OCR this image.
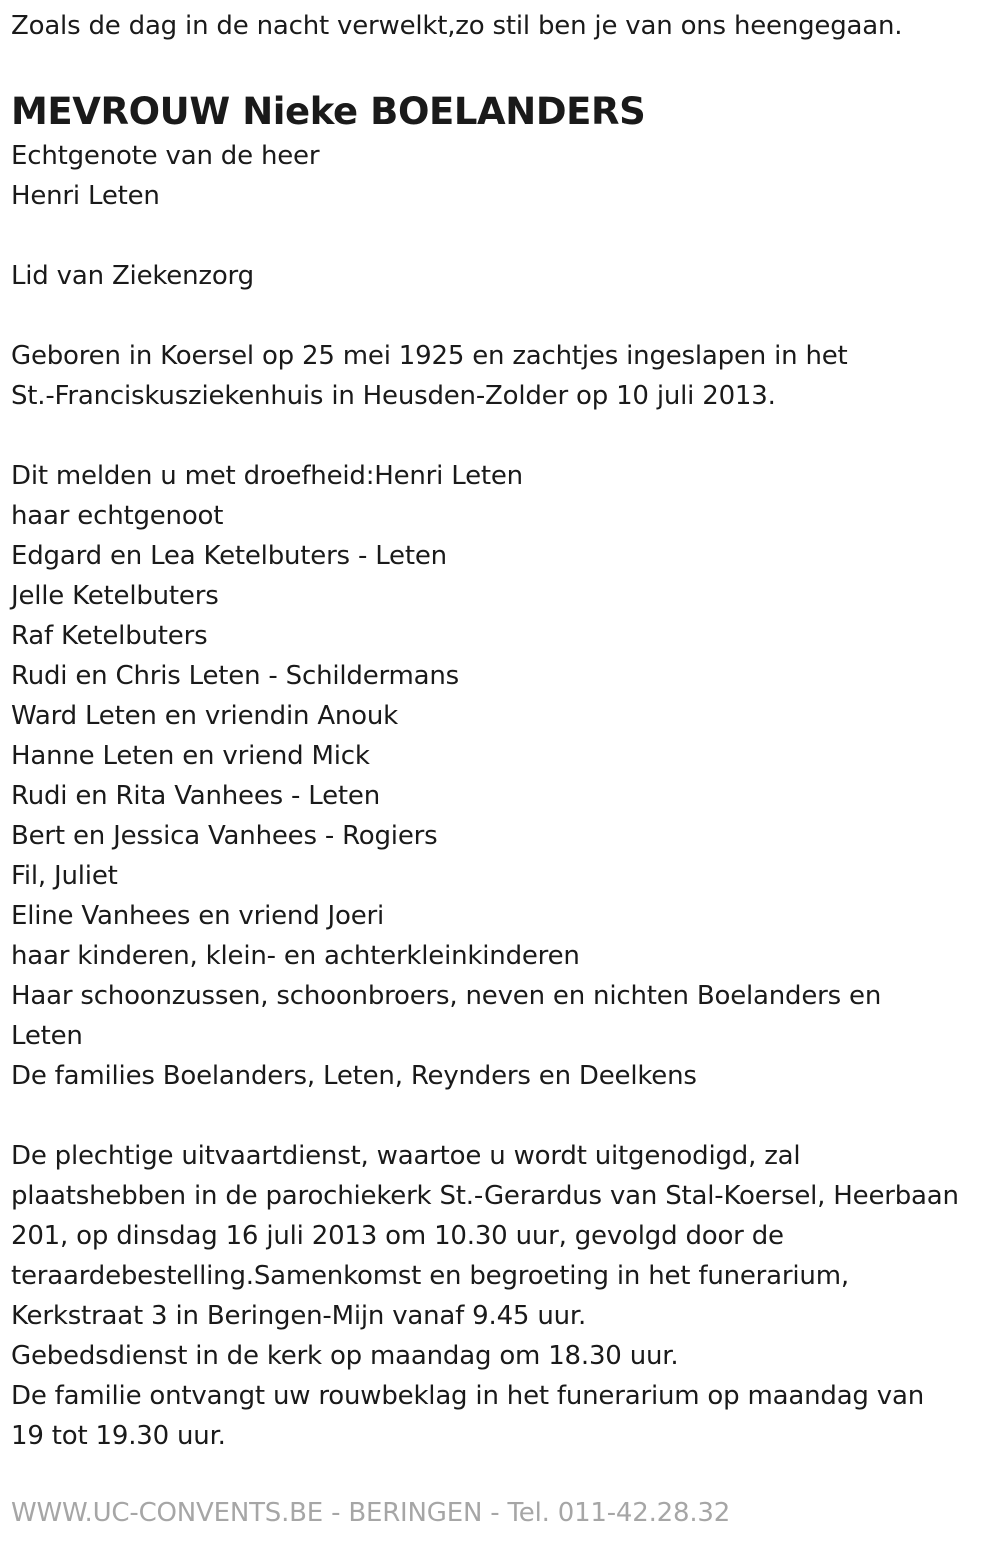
Zoals de dag in de nacht verwelkt,zo stil ben je van ons heengegaan.
MEVROUW Nieke BOELANDERS
Echtgenote van de heer
Henri Leten
Lid van Ziekenzorg
Geboren in Koersel op 25 mei 1925 en zachtjes ingeslapen in het
St.-Franciskusziekenhuis in Heusden-Zolder op 10 juli 2013.
Dit melden u met droefheid:Henri Leten
haar echtgenoot
Edgard en Lea Ketelbuters - Leten
Jelle Ketelbuters
Raf Ketelbuters
Rudi en Chris Leten - Schildermans
Ward Leten en vriendin Anouk
Hanne Leten en vriend Mick
Rudi en Rita Vanhees - Leten
Bert en Jessica Vanhees - Rogiers
Fil, Juliet
Eline Vanhees en vriend Joeri
haar kinderen, klein- en achterkleinkinderen
Haar schoonzussen, schoonbroers, neven en nichten Boelanders en
Leten
De families Boelanders, Leten, Reynders en Deelkens
De plechtige uitvaartdienst, waartoe u wordt uitgenodigd, zal
plaatshebben in de parochiekerk St.-Gerardus van Stal-Koersel, Heerbaan
201, op dinsdag 16 juli 2013 om 10.30 uur, gevolgd door de
teraardebestelling.Samenkomst en begroeting in het funerarium,
Kerkstraat 3 in Beringen-Mijn vanaf 9.45 uur.
Gebedsdienst in de kerk op maandag om 18.30 uur.
De familie ontvangt uw rouwbeklag in het funerarium op maandag van
19 tot 19.30 uur.
WWW.UC-CONVENTS.BE - BERINGEN - Tel. 011-42.28.32
